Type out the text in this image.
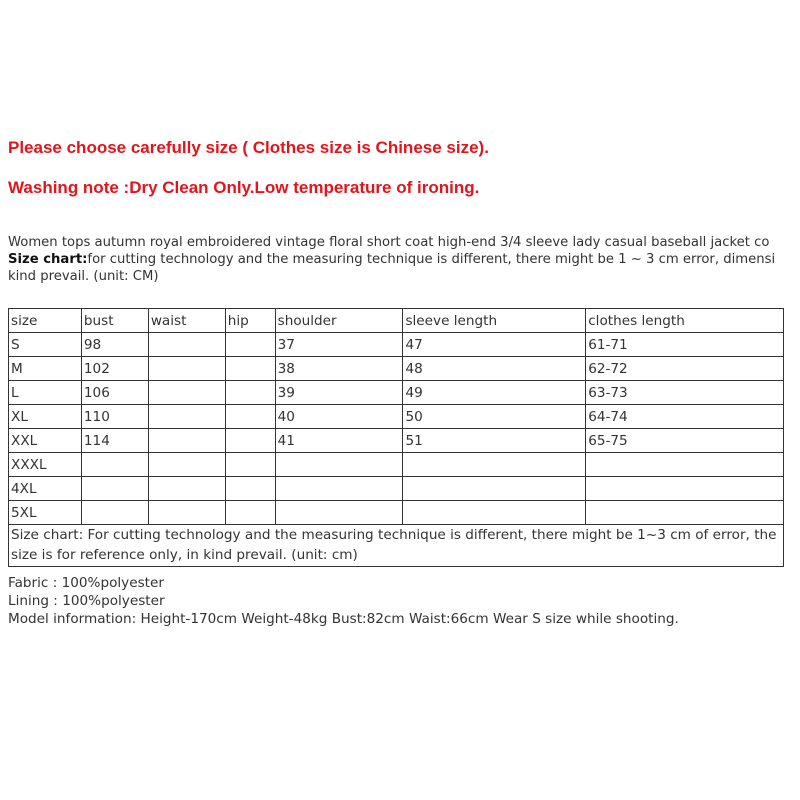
Please choose carefully size ( Clothes size is Chinese size).

Washing note :Dry Clean Only.Low temperature of ironing.

Women tops autumn royal embroidered vintage floral short coat high-end 3/4 sleeve lady casual baseball jacket co
Size chart:for cutting technology and the measuring technique is different, there might be 1 ~ 3 cm error, dimensi
kind prevail. (unit: CM)
size	bust	waist	hip	shoulder	sleeve length	clothes length
S	98			37	47	61-71
M	102			38	48	62-72
L	106			39	49	63-73
XL	110			40	50	64-74
XXL	114			41	51	65-75
XXXL						
4XL						
5XL						
Size chart: For cutting technology and the measuring technique is different, there might be 1~3 cm of error, the size is for reference only, in kind prevail. (unit: cm)						
Fabric : 100%polyester
Lining : 100%polyester
Model information: Height-170cm Weight-48kg Bust:82cm Waist:66cm Wear S size while shooting.
